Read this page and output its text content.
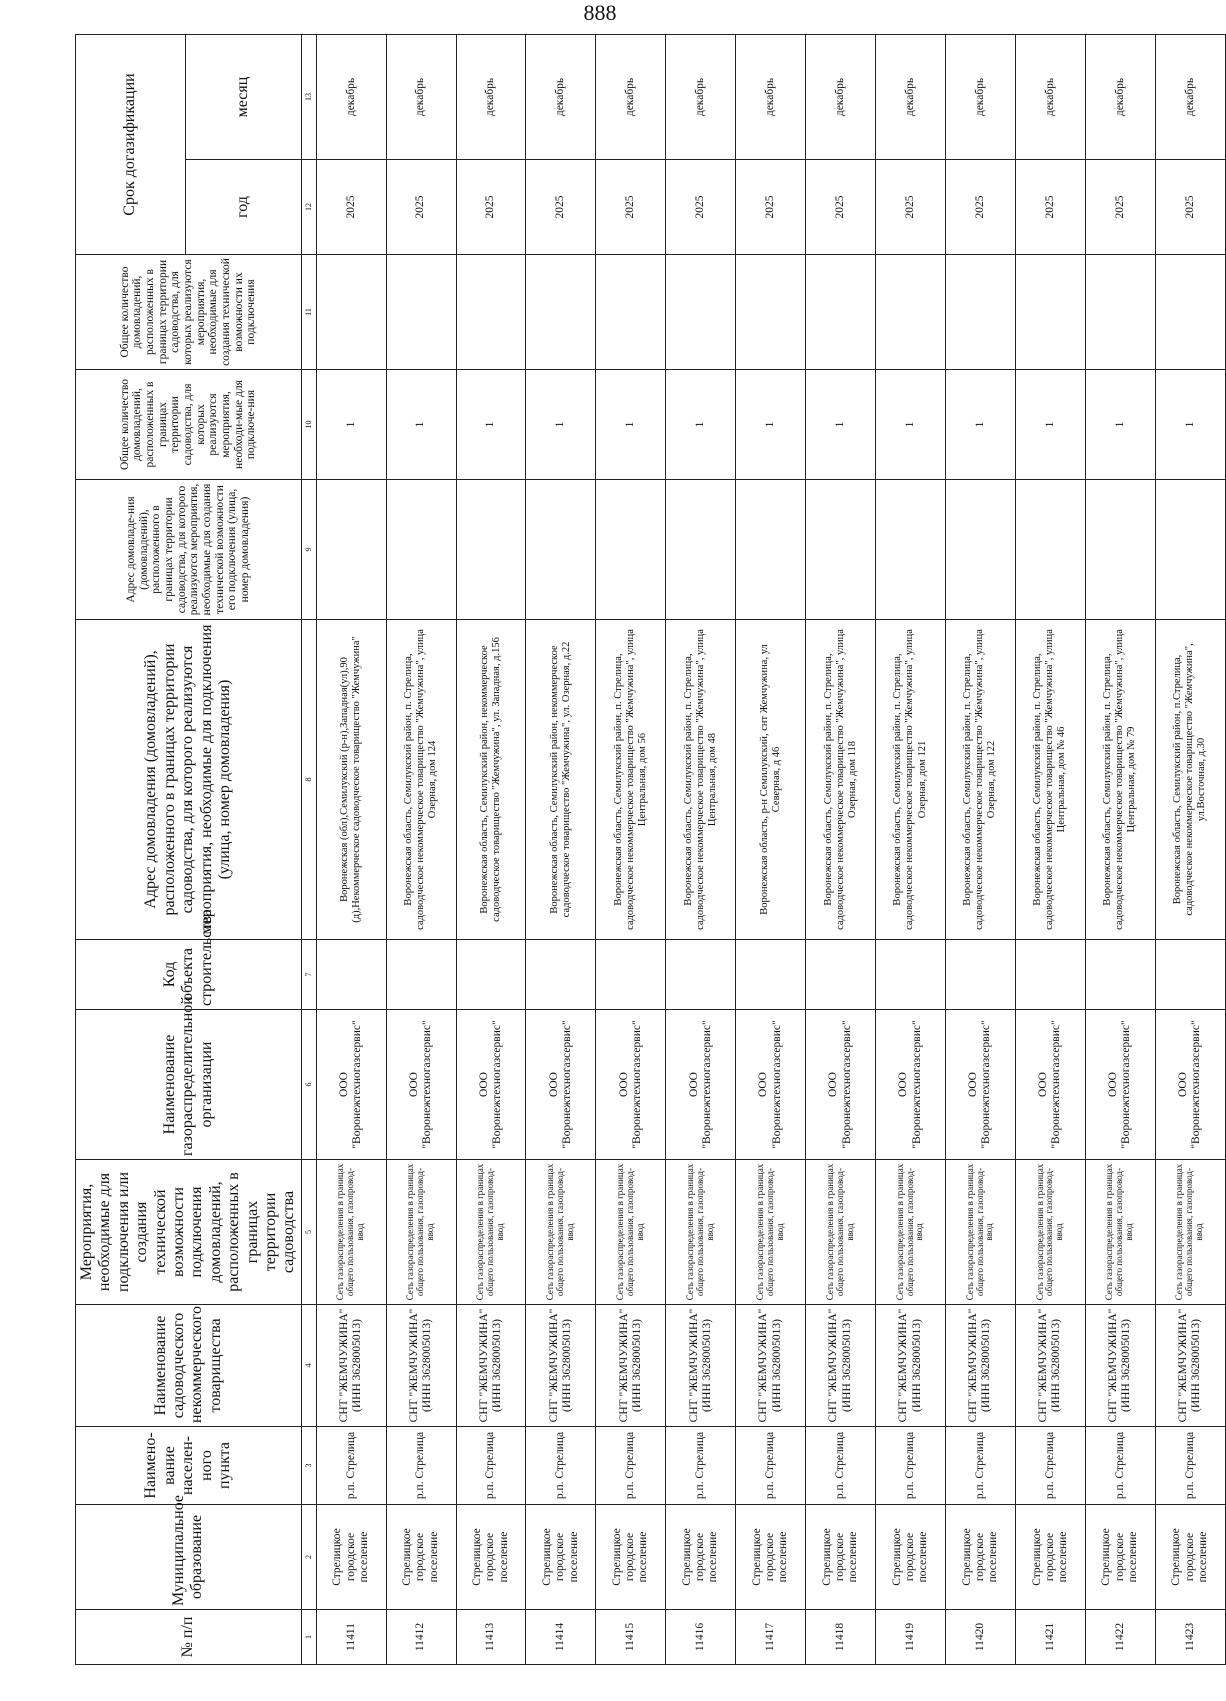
888
№ п/п	Муниципальное образование	Наимено-вание населен-ного пункта	Наименование садоводческого некоммерческого товарищества	Мероприятия, необходимые для подключения или создания технической возможности подключения домовладений, расположенных в границах территории садоводства	Наименование газораспределительной организации	Код объекта строительства	Адрес домовладения (домовладений), расположенного в границах территории садоводства, для которого реализуются мероприятия, необходимые для подключения (улица, номер домовладения)	Адрес домовладе-ния (домовладений), расположенного в границах территории садоводства, для которого реализуются мероприятия, необходимые для создания технической возможности его подключения (улица, номер домовладения)	Общее количество домовладений, расположенных в границах территории садоводства, для которых реализуются мероприятия, необходи-мые для подключе-ния	Общее количество домовладений, расположенных в границах территории садоводства, для которых реализуются мероприятия, необходимые для создания технической возможности их подключения	Срок догазификации	
											год	месяц
1	2	3	4	5	6	7	8	9	10	11	12	13
11411	Стрелицкое городское поселение	р.п. Стрелица	СНТ "ЖЕМЧУЖИНА" (ИНН 3628005013)	Сеть газораспределения в границах общего пользования, газопровод-ввод	ООО "Воронежтехногазсервис"		Воронежская (обл),Семилукский (р-н),Западная(ул),90 (д),Некоммерческое садоводческое товарищество "Жемчужина"		1		2025	декабрь
11412	Стрелицкое городское поселение	р.п. Стрелица	СНТ "ЖЕМЧУЖИНА" (ИНН 3628005013)	Сеть газораспределения в границах общего пользования, газопровод-ввод	ООО "Воронежтехногазсервис"		Воронежская область, Семилукский район, п. Стрелица, садоводческое некоммерческое товарищество "Жемчужина", улица Озерная, дом 124		1		2025	декабрь
11413	Стрелицкое городское поселение	р.п. Стрелица	СНТ "ЖЕМЧУЖИНА" (ИНН 3628005013)	Сеть газораспределения в границах общего пользования, газопровод-ввод	ООО "Воронежтехногазсервис"		Воронежская область, Семилукский район, некоммерческое садоводческое товарищество "Жемчужина", ул. Западная, д.156		1		2025	декабрь
11414	Стрелицкое городское поселение	р.п. Стрелица	СНТ "ЖЕМЧУЖИНА" (ИНН 3628005013)	Сеть газораспределения в границах общего пользования, газопровод-ввод	ООО "Воронежтехногазсервис"		Воронежская область, Семилукский район, некоммерческое садоводческое товарищество "Жемчужина", ул. Озерная, д.22		1		2025	декабрь
11415	Стрелицкое городское поселение	р.п. Стрелица	СНТ "ЖЕМЧУЖИНА" (ИНН 3628005013)	Сеть газораспределения в границах общего пользования, газопровод-ввод	ООО "Воронежтехногазсервис"		Воронежская область, Семилукский район, п. Стрелица, садоводческое некоммерческое товарищество "Жемчужина", улица Центральная, дом 56		1		2025	декабрь
11416	Стрелицкое городское поселение	р.п. Стрелица	СНТ "ЖЕМЧУЖИНА" (ИНН 3628005013)	Сеть газораспределения в границах общего пользования, газопровод-ввод	ООО "Воронежтехногазсервис"		Воронежская область, Семилукский район, п. Стрелица, садоводческое некоммерческое товарищество "Жемчужина", улица Центральная, дом 48		1		2025	декабрь
11417	Стрелицкое городское поселение	р.п. Стрелица	СНТ "ЖЕМЧУЖИНА" (ИНН 3628005013)	Сеть газораспределения в границах общего пользования, газопровод-ввод	ООО "Воронежтехногазсервис"		Воронежская область, р-н Семилукский, снт Жемчужина, ул Северная, д 46		1		2025	декабрь
11418	Стрелицкое городское поселение	р.п. Стрелица	СНТ "ЖЕМЧУЖИНА" (ИНН 3628005013)	Сеть газораспределения в границах общего пользования, газопровод-ввод	ООО "Воронежтехногазсервис"		Воронежская область, Семилукский район, п. Стрелица, садоводческое некоммерческое товарищество "Жемчужина", улица Озерная, дом 118		1		2025	декабрь
11419	Стрелицкое городское поселение	р.п. Стрелица	СНТ "ЖЕМЧУЖИНА" (ИНН 3628005013)	Сеть газораспределения в границах общего пользования, газопровод-ввод	ООО "Воронежтехногазсервис"		Воронежская область, Семилукский район, п. Стрелица, садоводческое некоммерческое товарищество "Жемчужина", улица Озерная, дом 121		1		2025	декабрь
11420	Стрелицкое городское поселение	р.п. Стрелица	СНТ "ЖЕМЧУЖИНА" (ИНН 3628005013)	Сеть газораспределения в границах общего пользования, газопровод-ввод	ООО "Воронежтехногазсервис"		Воронежская область, Семилукский район, п. Стрелица, садоводческое некоммерческое товарищество "Жемчужина", улица Озерная, дом 122		1		2025	декабрь
11421	Стрелицкое городское поселение	р.п. Стрелица	СНТ "ЖЕМЧУЖИНА" (ИНН 3628005013)	Сеть газораспределения в границах общего пользования, газопровод-ввод	ООО "Воронежтехногазсервис"		Воронежская область, Семилукский район, п. Стрелица, садоводческое некоммерческое товарищество "Жемчужина", улица Центральная, дом № 46		1		2025	декабрь
11422	Стрелицкое городское поселение	р.п. Стрелица	СНТ "ЖЕМЧУЖИНА" (ИНН 3628005013)	Сеть газораспределения в границах общего пользования, газопровод-ввод	ООО "Воронежтехногазсервис"		Воронежская область, Семилукский район, п. Стрелица, садоводческое некоммерческое товарищество "Жемчужина", улица Центральная, дом № 79		1		2025	декабрь
11423	Стрелицкое городское поселение	р.п. Стрелица	СНТ "ЖЕМЧУЖИНА" (ИНН 3628005013)	Сеть газораспределения в границах общего пользования, газопровод-ввод	ООО "Воронежтехногазсервис"		Воронежская область, Семилукский район, п.Стрелица, садоводческое некоммерческое товарищество "Жемчужина", ул.Восточная, д.30		1		2025	декабрь
